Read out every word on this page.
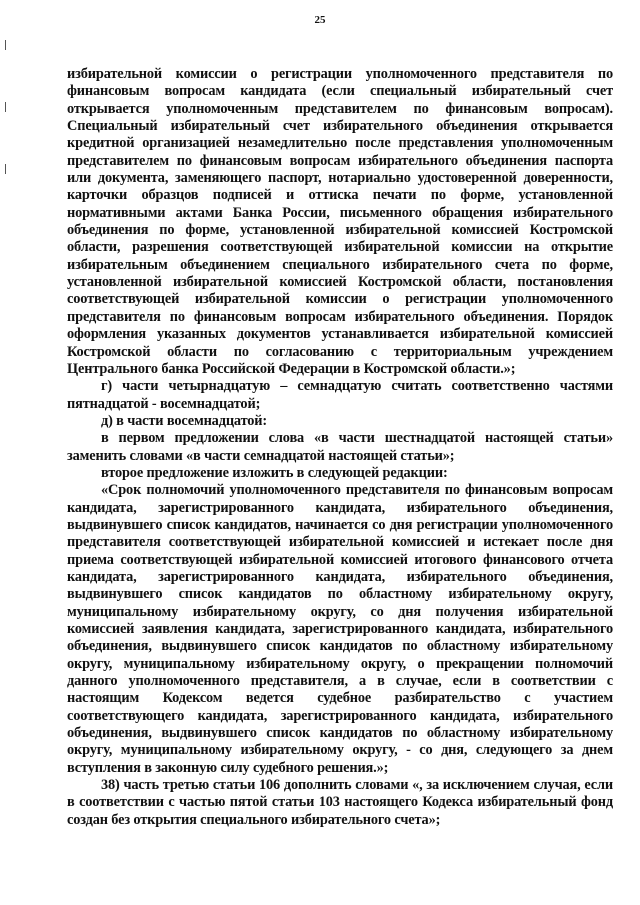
25

избирательной комиссии о регистрации уполномоченного представителя по финансовым вопросам кандидата (если специальный избирательный счет открывается уполномоченным представителем по финансовым вопросам). Специальный избирательный счет избирательного объединения открывается кредитной организацией незамедлительно после представления уполномоченным представителем по финансовым вопросам избирательного объединения паспорта или документа, заменяющего паспорт, нотариально удостоверенной доверенности, карточки образцов подписей и оттиска печати по форме, установленной нормативными актами Банка России, письменного обращения избирательного объединения по форме, установленной избирательной комиссией Костромской области, разрешения соответствующей избирательной комиссии на открытие избирательным объединением специального избирательного счета по форме, установленной избирательной комиссией Костромской области, постановления соответствующей избирательной комиссии о регистрации уполномоченного представителя по финансовым вопросам избирательного объединения. Порядок оформления указанных документов устанавливается избирательной комиссией Костромской области по согласованию с территориальным учреждением Центрального банка Российской Федерации в Костромской области.»;

г) части четырнадцатую – семнадцатую считать соответственно частями пятнадцатой - восемнадцатой;

д) в части восемнадцатой:

в первом предложении слова «в части шестнадцатой настоящей статьи» заменить словами «в части семнадцатой настоящей статьи»;

второе предложение изложить в следующей редакции:

«Срок полномочий уполномоченного представителя по финансовым вопросам кандидата, зарегистрированного кандидата, избирательного объединения, выдвинувшего список кандидатов, начинается со дня регистрации уполномоченного представителя соответствующей избирательной комиссией и истекает после дня приема соответствующей избирательной комиссией итогового финансового отчета кандидата, зарегистрированного кандидата, избирательного объединения, выдвинувшего список кандидатов по областному избирательному округу, муниципальному избирательному округу, со дня получения избирательной комиссией заявления кандидата, зарегистрированного кандидата, избирательного объединения, выдвинувшего список кандидатов по областному избирательному округу, муниципальному избирательному округу, о прекращении полномочий данного уполномоченного представителя, а в случае, если в соответствии с настоящим Кодексом ведется судебное разбирательство с участием соответствующего кандидата, зарегистрированного кандидата, избирательного объединения, выдвинувшего список кандидатов по областному избирательному округу, муниципальному избирательному округу, - со дня, следующего за днем вступления в законную силу судебного решения.»;

38) часть третью статьи 106 дополнить словами «, за исключением случая, если в соответствии с частью пятой статьи 103 настоящего Кодекса избирательный фонд создан без открытия специального избирательного счета»;
